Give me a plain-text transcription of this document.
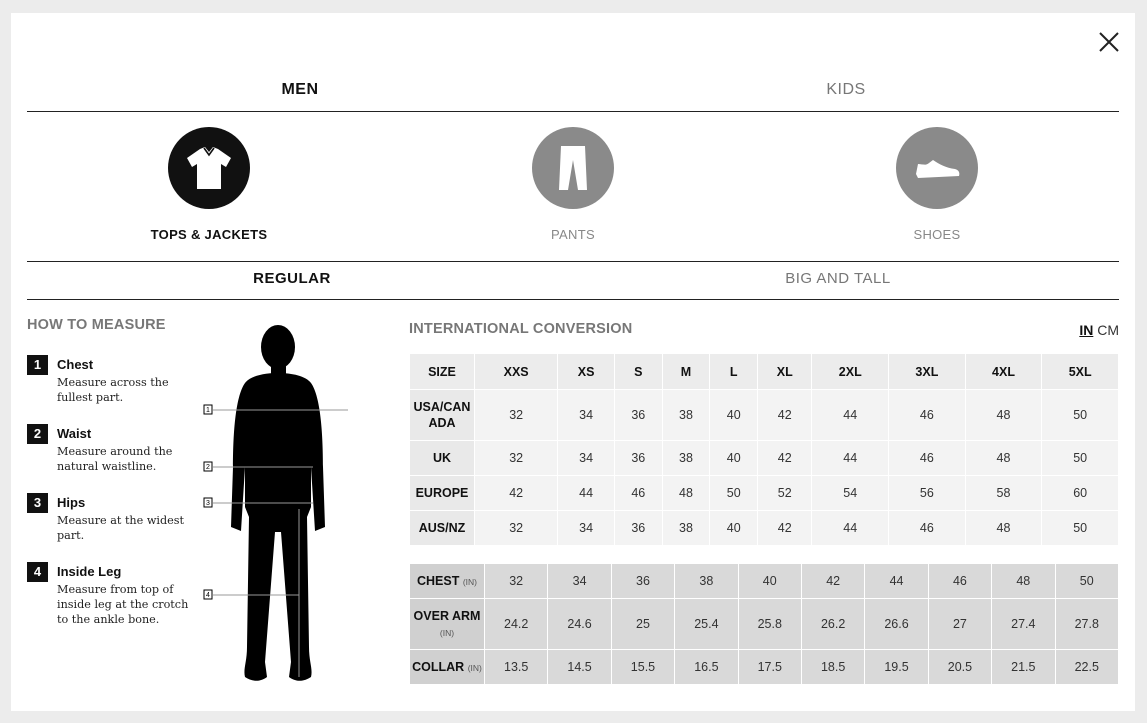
MEN	KIDS
TOPS & JACKETS	PANTS	SHOES
REGULAR	BIG AND TALL
HOW TO MEASURE
1	Chest
Measure across the fullest part.
2	Waist
Measure around the natural waistline.
3	Hips
Measure at the widest part.
4	Inside Leg
Measure from top of inside leg at the crotch to the ankle bone.
1
2
3
4
INTERNATIONAL CONVERSION	IN CM
SIZE	XXS	XS	S	M	L	XL	2XL	3XL	4XL	5XL
USA/CAN ADA	32	34	36	38	40	42	44	46	48	50
UK	32	34	36	38	40	42	44	46	48	50
EUROPE	42	44	46	48	50	52	54	56	58	60
AUS/NZ	32	34	36	38	40	42	44	46	48	50
CHEST (IN)	32	34	36	38	40	42	44	46	48	50
OVER ARM (IN)	24.2	24.6	25	25.4	25.8	26.2	26.6	27	27.4	27.8
COLLAR (IN)	13.5	14.5	15.5	16.5	17.5	18.5	19.5	20.5	21.5	22.5
